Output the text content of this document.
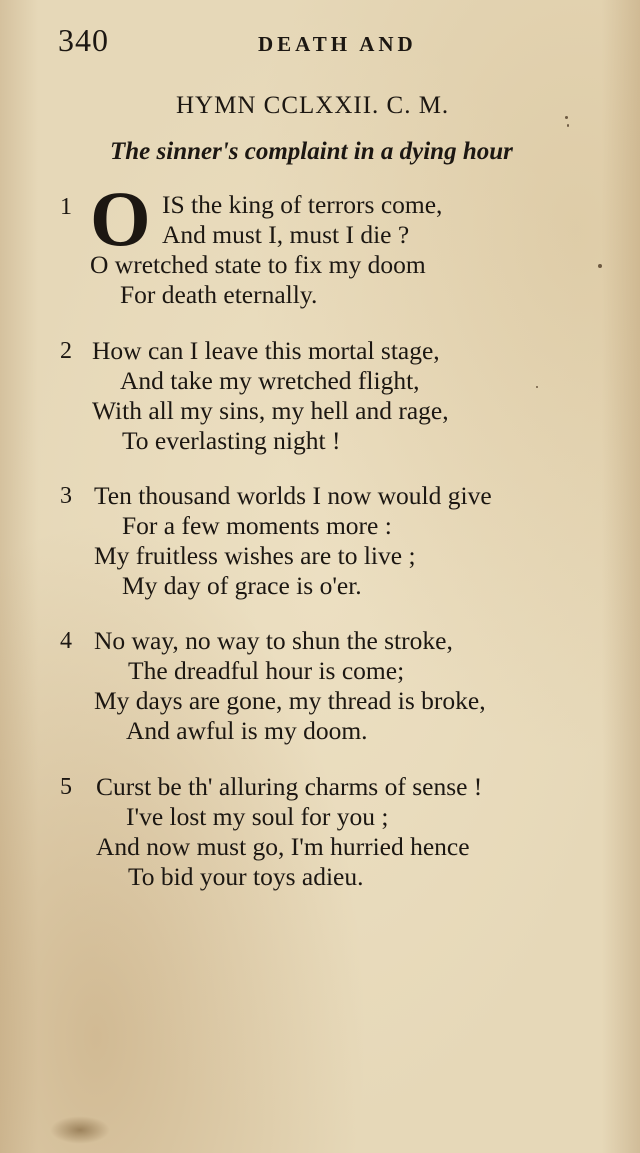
340	DEATH AND
HYMN CCLXXII. C. M.
The sinner's complaint in a dying hour
1 O IS the king of terrors come,
And must I, must I die ?
O wretched state to fix my doom
For death eternally.
2 How can I leave this mortal stage,
And take my wretched flight,
With all my sins, my hell and rage,
To everlasting night !
3 Ten thousand worlds I now would give
For a few moments more :
My fruitless wishes are to live ;
My day of grace is o'er.
4 No way, no way to shun the stroke,
The dreadful hour is come;
My days are gone, my thread is broke,
And awful is my doom.
5 Curst be th' alluring charms of sense !
I've lost my soul for you ;
And now must go, I'm hurried hence
To bid your toys adieu.
